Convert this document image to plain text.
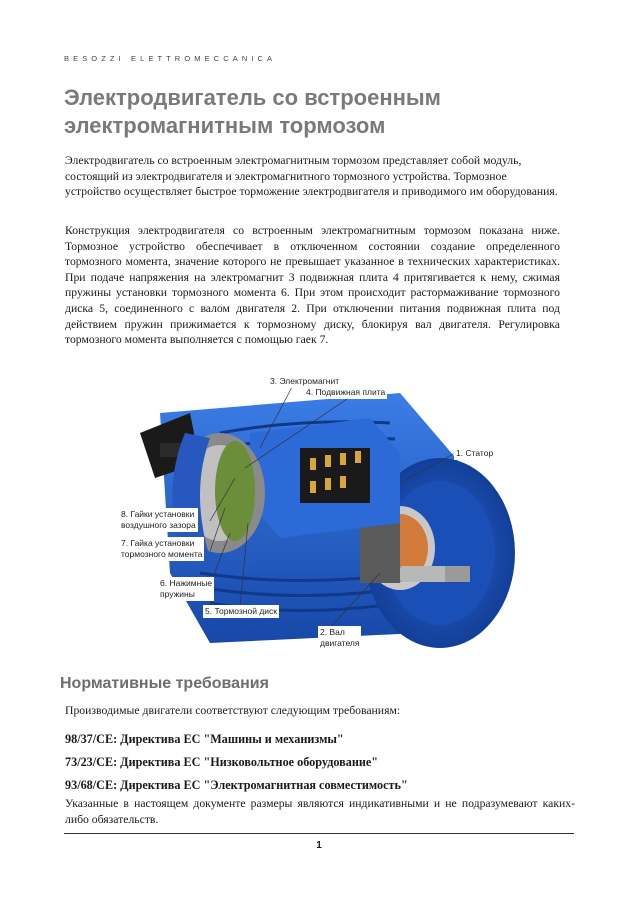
BESOZZI ELETTROMECCANICA
Электродвигатель со встроенным
электромагнитным тормозом

Электродвигатель со встроенным электромагнитным тормозом представляет собой модуль, состоящий из электродвигателя и электромагнитного тормозного устройства. Тормозное устройство осуществляет быстрое торможение электродвигателя и приводимого им оборудования.

Конструкция электродвигателя со встроенным электромагнитным тормозом показана ниже. Тормозное устройство обеспечивает в отключенном состоянии создание определенного тормозного момента, значение которого не превышает указанное в технических характеристиках. При подаче напряжения на электромагнит 3 подвижная плита 4 притягивается к нему, сжимая пружины установки тормозного момента 6. При этом происходит растормаживание тормозного диска 5, соединенного с валом двигателя 2. При отключении питания подвижная плита под действием пружин прижимается к тормозному диску, блокируя вал двигателя. Регулировка тормозного момента выполняется с помощью гаек 7.

3. Электромагнит
4. Подвижная плита
1. Статор
8. Гайки установки
воздушного зазора
7. Гайка установки
тормозного момента
6. Нажимные
пружины
5. Тормозной диск
2. Вал
двигателя
Нормативные требования

Производимые двигатели соответствуют следующим требованиям:

98/37/CE: Директива ЕС "Машины и механизмы"

73/23/CE: Директива ЕС "Низковольтное оборудование"

93/68/CE: Директива ЕС "Электромагнитная совместимость"

Указанные в настоящем документе размеры являются индикативными и не подразумевают каких-либо обязательств.

1
